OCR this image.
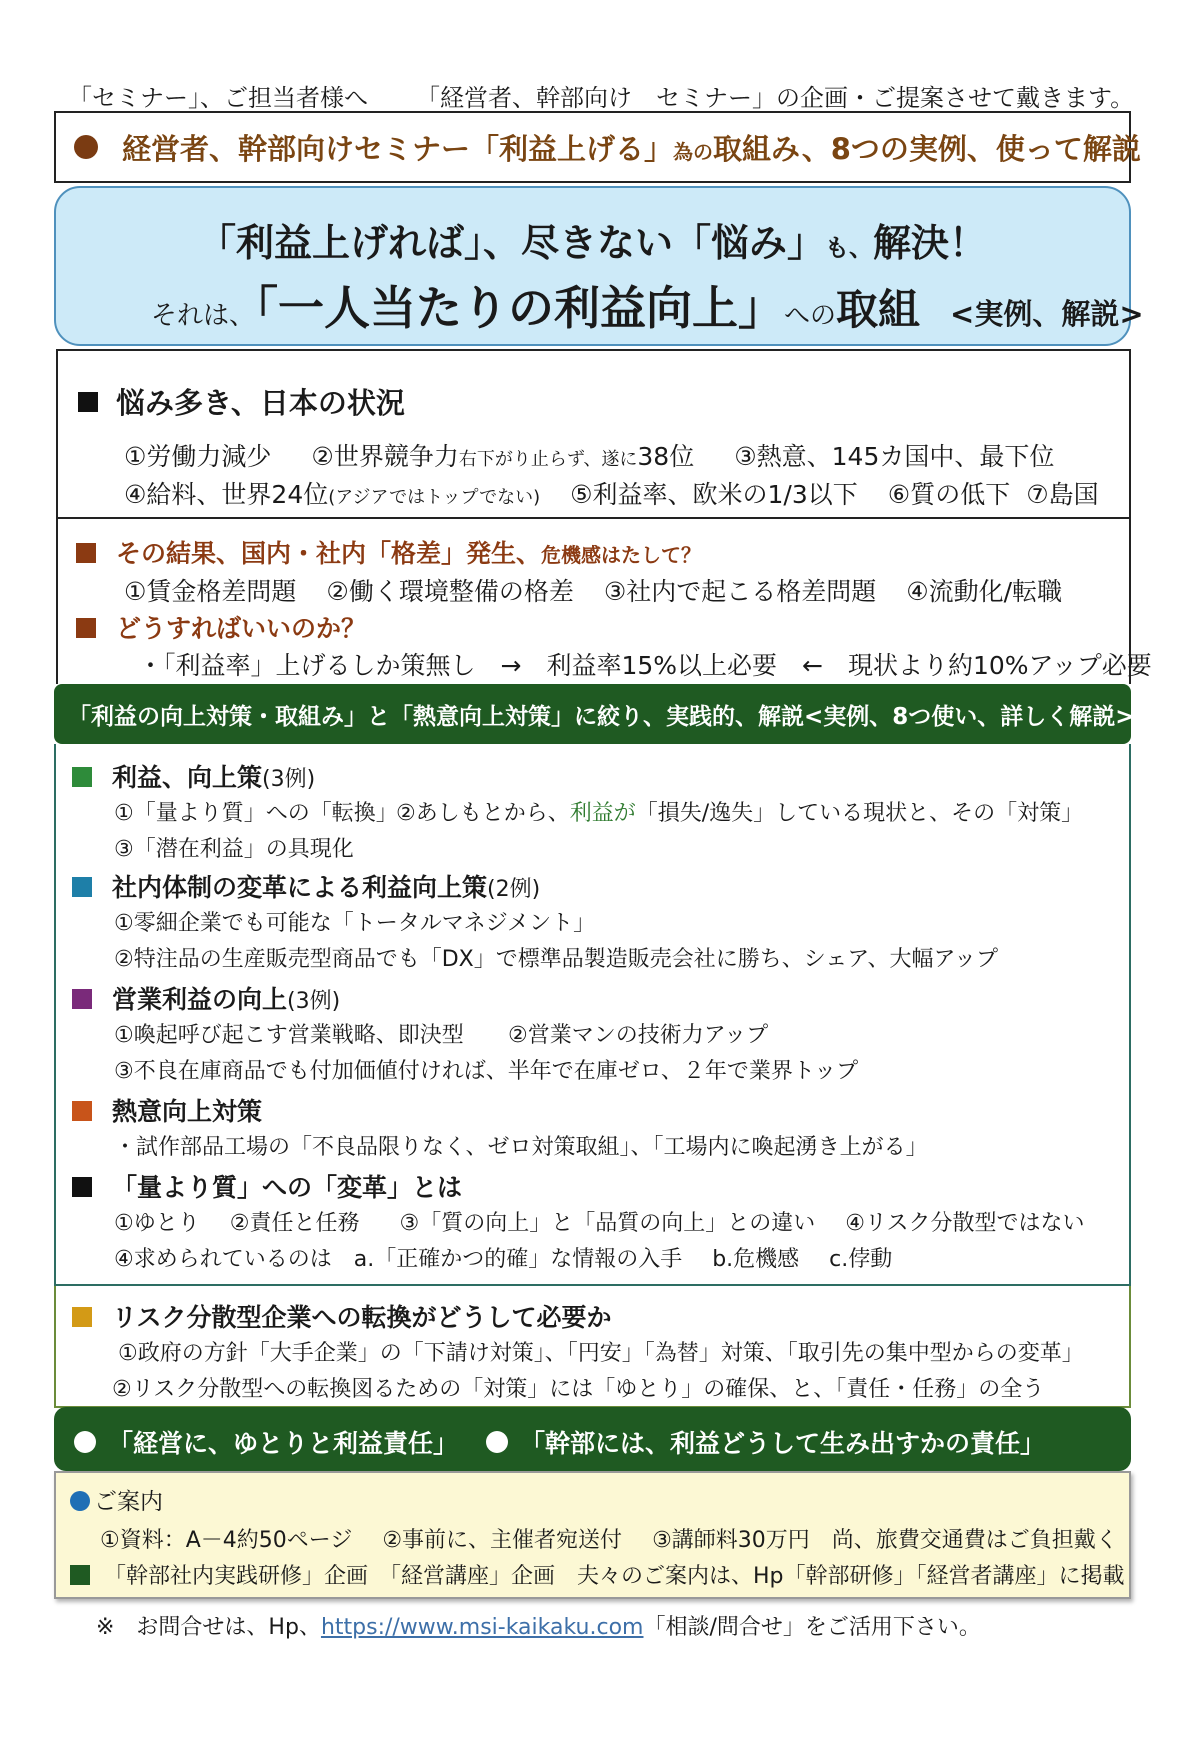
「セミナー」、ご担当者様へ 「経営者、幹部向け　セミナー」の企画・ご提案させて戴きます。
経営者、幹部向けセミナー「利益上げる」為の取組み、8つの実例、使って解説
「利益上げれば」、尽きない「悩み」も、解決！
それは、「一人当たりの利益向上」への取組 <実例、解説>
悩み多き、日本の状況
①労働力減少 ②世界競争力右下がり止らず、遂に38位 ③熱意、145カ国中、最下位
④給料、世界24位(アジアではトップでない) ⑤利益率、欧米の1/3以下 ⑥質の低下 ⑦島国
その結果、国内・社内「格差」発生、危機感はたして？
①賃金格差問題 ②働く環境整備の格差 ③社内で起こる格差問題 ④流動化/転職
どうすればいいのか？
・「利益率」上げるしか策無し　→　利益率15%以上必要　←　現状より約10%アップ必要
「利益の向上対策・取組み」と「熱意向上対策」に絞り、実践的、解説<実例、8つ使い、詳しく解説>
利益、向上策(3例)
①「量より質」への「転換」
②あしもとから、利益が「損失/逸失」している現状と、その「対策」
③「潜在利益」の具現化
社内体制の変革による利益向上策(2例)
①零細企業でも可能な「トータルマネジメント」
②特注品の生産販売型商品でも「DX」で標準品製造販売会社に勝ち、シェア、大幅アップ
営業利益の向上(3例)
①喚起呼び起こす営業戦略、即決型 ②営業マンの技術力アップ
③不良在庫商品でも付加価値付ければ、半年で在庫ゼロ、２年で業界トップ
熱意向上対策
・試作部品工場の「不良品限りなく、ゼロ対策取組」、「工場内に喚起湧き上がる」
「量より質」への「変革」とは
①ゆとり ②責任と任務 ③「質の向上」と「品質の向上」との違い ④リスク分散型ではない
④求められているのは　a.「正確かつ的確」な情報の入手 b.危機感 c.侼動
リスク分散型企業への転換がどうして必要か
①政府の方針「大手企業」の「下請け対策」、「円安」「為替」対策、「取引先の集中型からの変革」
②リスク分散型への転換図るための「対策」には「ゆとり」の確保、と、「責任・任務」の全う
「経営に、ゆとりと利益責任」 「幹部には、利益どうして生み出すかの責任」
ご案内
①資料：A－4約50ページ ②事前に、主催者宛送付 ③講師料30万円　尚、旅費交通費はご負担戴く
「幹部社内実践研修」企画　「経営講座」企画　夫々のご案内は、Hp「幹部研修」「経営者講座」に掲載
※　お問合せは、Hp、https://www.msi-kaikaku.com「相談/問合せ」をご活用下さい。
